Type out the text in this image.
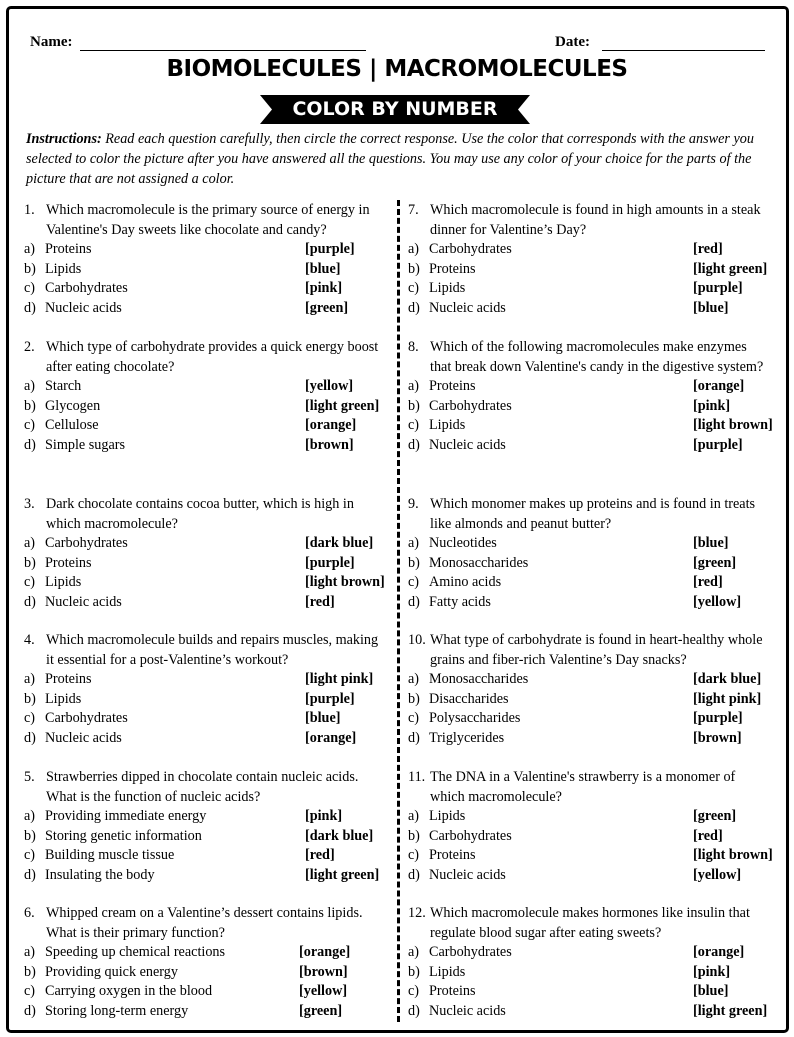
Name:	Date:
BIOMOLECULES | MACROMOLECULES
COLOR BY NUMBER
Instructions: Read each question carefully, then circle the correct response. Use the color that corresponds with the answer you selected to color the picture after you have answered all the questions. You may use any color of your choice for the parts of the picture that are not assigned a color.
1. Which macromolecule is the primary source of energy in Valentine's Day sweets like chocolate and candy?
a) Proteins	[purple]
b) Lipids	[blue]
c) Carbohydrates	[pink]
d) Nucleic acids	[green]
2. Which type of carbohydrate provides a quick energy boost after eating chocolate?
a) Starch	[yellow]
b) Glycogen	[light green]
c) Cellulose	[orange]
d) Simple sugars	[brown]
3. Dark chocolate contains cocoa butter, which is high in which macromolecule?
a) Carbohydrates	[dark blue]
b) Proteins	[purple]
c) Lipids	[light brown]
d) Nucleic acids	[red]
4. Which macromolecule builds and repairs muscles, making it essential for a post-Valentine’s workout?
a) Proteins	[light pink]
b) Lipids	[purple]
c) Carbohydrates	[blue]
d) Nucleic acids	[orange]
5. Strawberries dipped in chocolate contain nucleic acids. What is the function of nucleic acids?
a) Providing immediate energy	[pink]
b) Storing genetic information	[dark blue]
c) Building muscle tissue	[red]
d) Insulating the body	[light green]
6. Whipped cream on a Valentine’s dessert contains lipids. What is their primary function?
a) Speeding up chemical reactions	[orange]
b) Providing quick energy	[brown]
c) Carrying oxygen in the blood	[yellow]
d) Storing long-term energy	[green]
7. Which macromolecule is found in high amounts in a steak dinner for Valentine’s Day?
a) Carbohydrates	[red]
b) Proteins	[light green]
c) Lipids	[purple]
d) Nucleic acids	[blue]
8. Which of the following macromolecules make enzymes that break down Valentine's candy in the digestive system?
a) Proteins	[orange]
b) Carbohydrates	[pink]
c) Lipids	[light brown]
d) Nucleic acids	[purple]
9. Which monomer makes up proteins and is found in treats like almonds and peanut butter?
a) Nucleotides	[blue]
b) Monosaccharides	[green]
c) Amino acids	[red]
d) Fatty acids	[yellow]
10. What type of carbohydrate is found in heart-healthy whole grains and fiber-rich Valentine’s Day snacks?
a) Monosaccharides	[dark blue]
b) Disaccharides	[light pink]
c) Polysaccharides	[purple]
d) Triglycerides	[brown]
11. The DNA in a Valentine's strawberry is a monomer of which macromolecule?
a) Lipids	[green]
b) Carbohydrates	[red]
c) Proteins	[light brown]
d) Nucleic acids	[yellow]
12. Which macromolecule makes hormones like insulin that regulate blood sugar after eating sweets?
a) Carbohydrates	[orange]
b) Lipids	[pink]
c) Proteins	[blue]
d) Nucleic acids	[light green]
